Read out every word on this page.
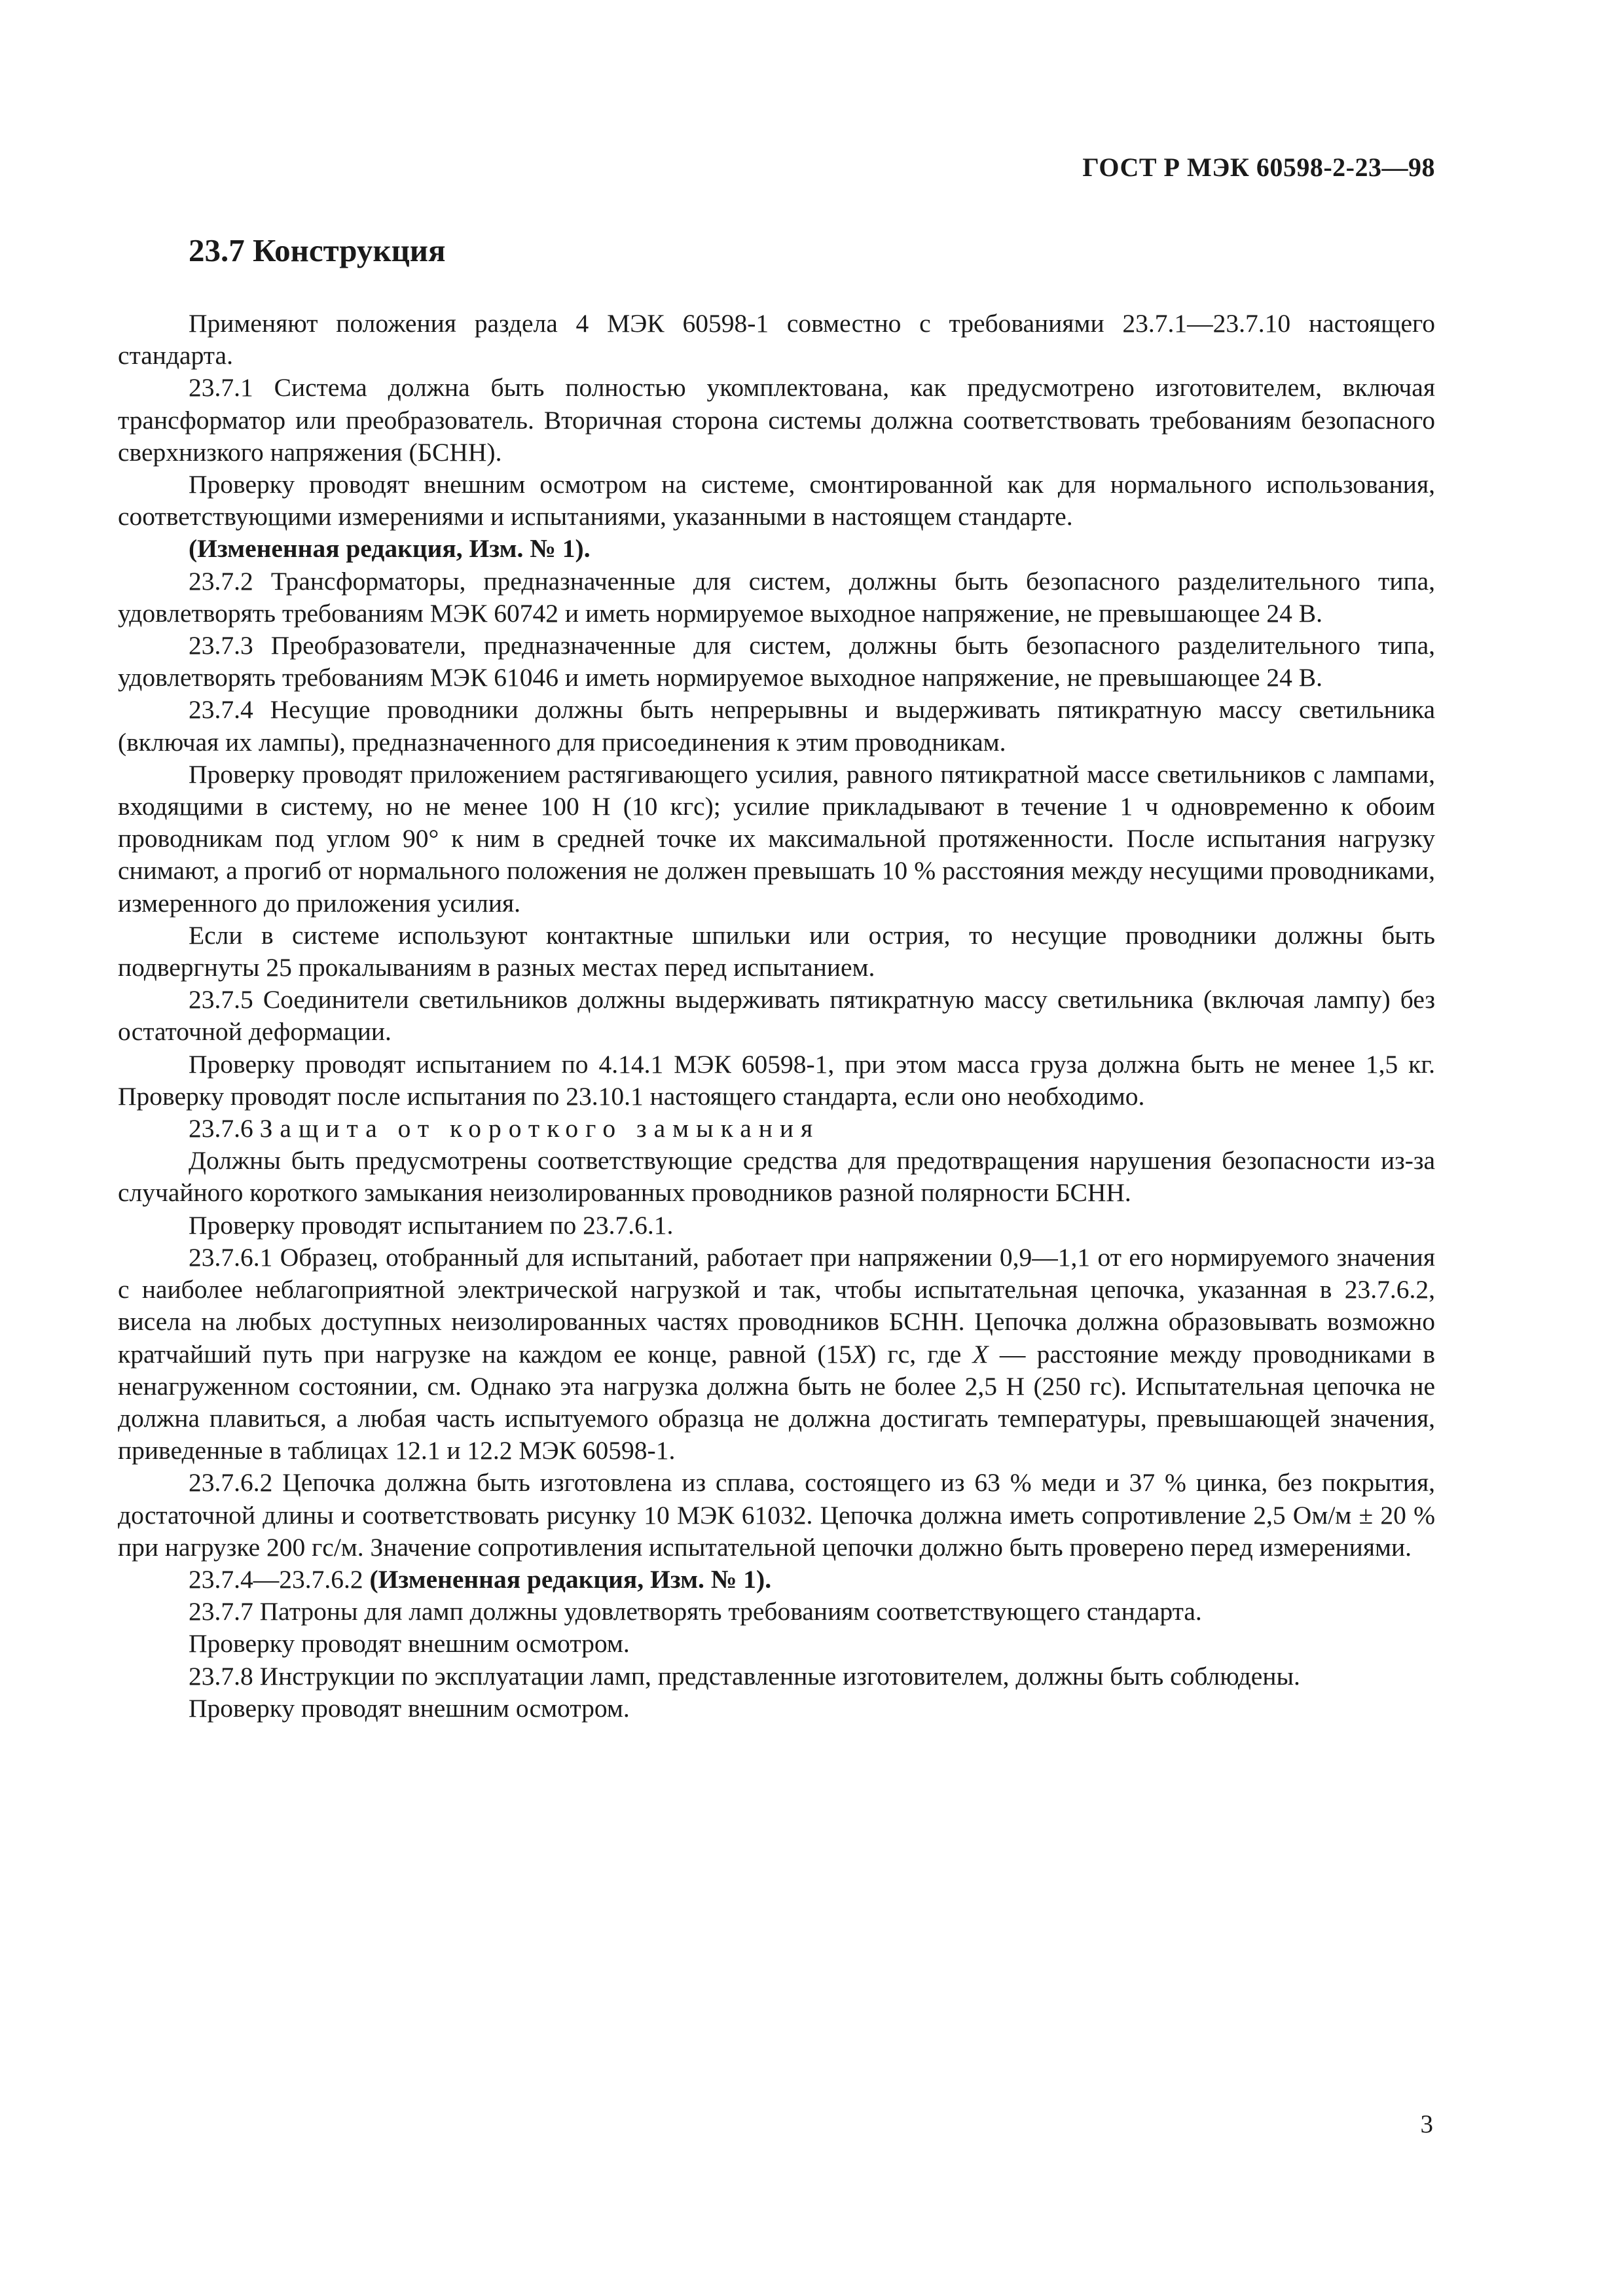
ГОСТ Р МЭК 60598-2-23—98
23.7 Конструкция

Применяют положения раздела 4 МЭК 60598-1 совместно с требованиями 23.7.1—23.7.10 настоящего стандарта.

23.7.1 Система должна быть полностью укомплектована, как предусмотрено изготовителем, включая трансформатор или преобразователь. Вторичная сторона системы должна соответствовать требованиям безопасного сверхнизкого напряжения (БСНН).

Проверку проводят внешним осмотром на системе, смонтированной как для нормального использования, соответствующими измерениями и испытаниями, указанными в настоящем стандарте.

(Измененная редакция, Изм. № 1).

23.7.2 Трансформаторы, предназначенные для систем, должны быть безопасного разделительного типа, удовлетворять требованиям МЭК 60742 и иметь нормируемое выходное напряжение, не превышающее 24 В.

23.7.3 Преобразователи, предназначенные для систем, должны быть безопасного разделительного типа, удовлетворять требованиям МЭК 61046 и иметь нормируемое выходное напряжение, не превышающее 24 В.

23.7.4 Несущие проводники должны быть непрерывны и выдерживать пятикратную массу светильника (включая их лампы), предназначенного для присоединения к этим проводникам.

Проверку проводят приложением растягивающего усилия, равного пятикратной массе светильников с лампами, входящими в систему, но не менее 100 Н (10 кгс); усилие прикладывают в течение 1 ч одновременно к обоим проводникам под углом 90° к ним в средней точке их максимальной протяженности. После испытания нагрузку снимают, а прогиб от нормального положения не должен превышать 10 % расстояния между несущими проводниками, измеренного до приложения усилия.

Если в системе используют контактные шпильки или острия, то несущие проводники должны быть подвергнуты 25 прокалываниям в разных местах перед испытанием.

23.7.5 Соединители светильников должны выдерживать пятикратную массу светильника (включая лампу) без остаточной деформации.

Проверку проводят испытанием по 4.14.1 МЭК 60598-1, при этом масса груза должна быть не менее 1,5 кг. Проверку проводят после испытания по 23.10.1 настоящего стандарта, если оно необходимо.

23.7.6 Защита от короткого замыкания

Должны быть предусмотрены соответствующие средства для предотвращения нарушения безопасности из-за случайного короткого замыкания неизолированных проводников разной полярности БСНН.

Проверку проводят испытанием по 23.7.6.1.

23.7.6.1 Образец, отобранный для испытаний, работает при напряжении 0,9—1,1 от его нормируемого значения с наиболее неблагоприятной электрической нагрузкой и так, чтобы испытательная цепочка, указанная в 23.7.6.2, висела на любых доступных неизолированных частях проводников БСНН. Цепочка должна образовывать возможно кратчайший путь при нагрузке на каждом ее конце, равной (15X) гс, где X — расстояние между проводниками в ненагруженном состоянии, см. Однако эта нагрузка должна быть не более 2,5 Н (250 гс). Испытательная цепочка не должна плавиться, а любая часть испытуемого образца не должна достигать температуры, превышающей значения, приведенные в таблицах 12.1 и 12.2 МЭК 60598-1.

23.7.6.2 Цепочка должна быть изготовлена из сплава, состоящего из 63 % меди и 37 % цинка, без покрытия, достаточной длины и соответствовать рисунку 10 МЭК 61032. Цепочка должна иметь сопротивление 2,5 Ом/м ± 20 % при нагрузке 200 гс/м. Значение сопротивления испытательной цепочки должно быть проверено перед измерениями.

23.7.4—23.7.6.2 (Измененная редакция, Изм. № 1).

23.7.7 Патроны для ламп должны удовлетворять требованиям соответствующего стандарта.

Проверку проводят внешним осмотром.

23.7.8 Инструкции по эксплуатации ламп, представленные изготовителем, должны быть соблюдены.

Проверку проводят внешним осмотром.

3
